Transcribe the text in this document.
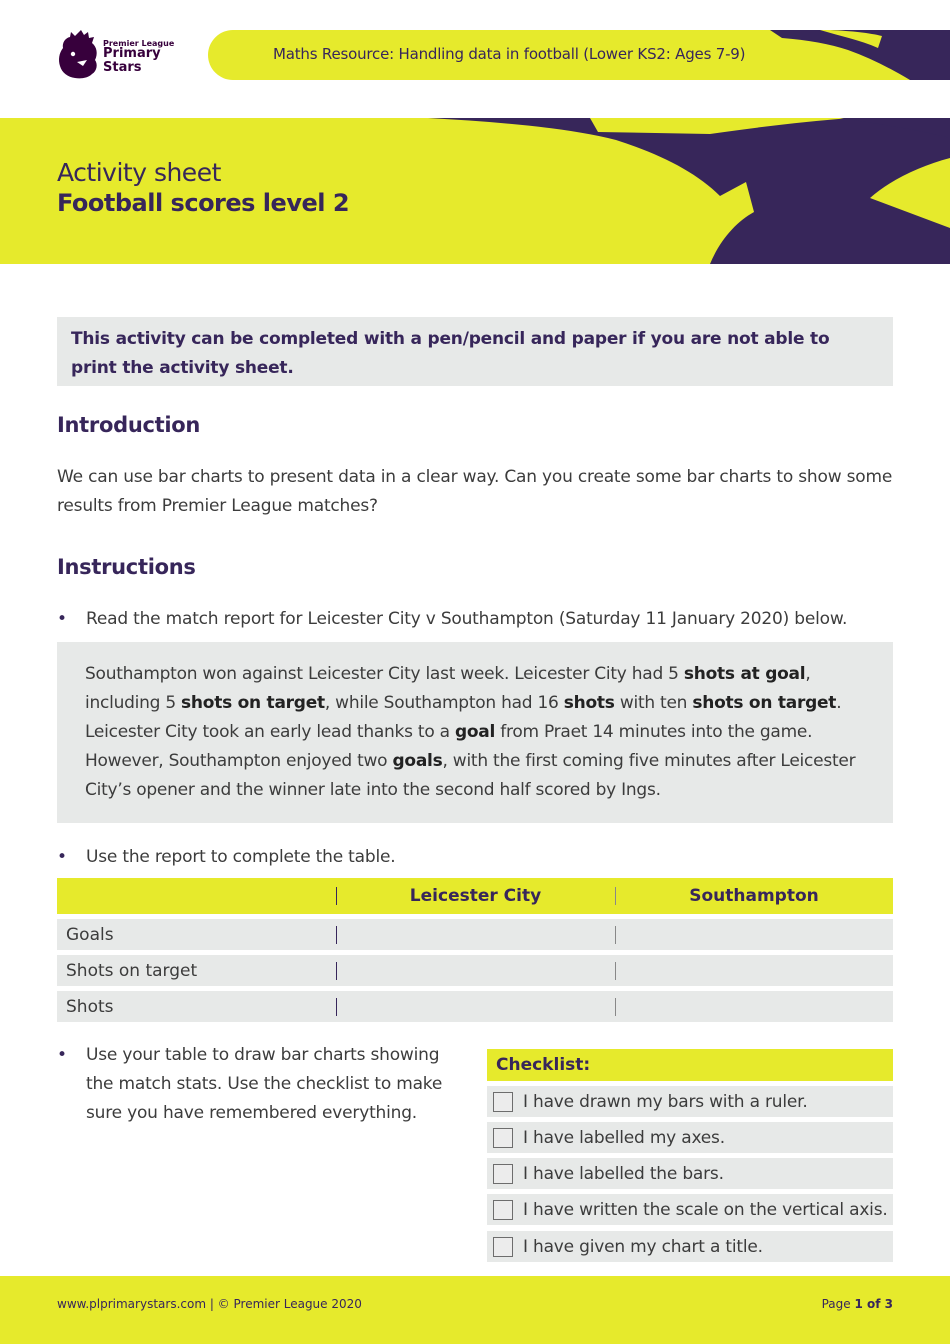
Premier League
Primary
Stars
Maths Resource: Handling data in football (Lower KS2: Ages 7-9)
Activity sheet
Football scores level 2
This activity can be completed with a pen/pencil and paper if you are not able to print the activity sheet.
Introduction
We can use bar charts to present data in a clear way. Can you create some bar charts to show some results from Premier League matches?
Instructions
• Read the match report for Leicester City v Southampton (Saturday 11 January 2020) below.
Southampton won against Leicester City last week. Leicester City had 5 shots at goal, including 5 shots on target, while Southampton had 16 shots with ten shots on target. Leicester City took an early lead thanks to a goal from Praet 14 minutes into the game. However, Southampton enjoyed two goals, with the first coming five minutes after Leicester City’s opener and the winner late into the second half scored by Ings.
• Use the report to complete the table.
Leicester City	Southampton
Goals
Shots on target
Shots
• Use your table to draw bar charts showing
the match stats. Use the checklist to make
sure you have remembered everything.
Checklist:
I have drawn my bars with a ruler.
I have labelled my axes.
I have labelled the bars.
I have written the scale on the vertical axis.
I have given my chart a title.
www.plprimarystars.com | © Premier League 2020	Page 1 of 3
